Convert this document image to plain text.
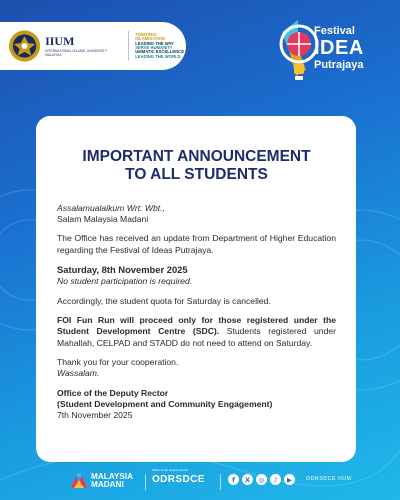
IIUM
INTERNATIONAL ISLAMIC UNIVERSITY MALAYSIA
TOWARDS ISLAMISATION
LEADING THE WAY
SERVE HUMANITY
UMMATIC EXCELLENCE
LEADING THE WORLD
Festival
IDEA
Putrajaya
IMPORTANT ANNOUNCEMENT
TO ALL STUDENTS

Assalamualaikum Wrt. Wbt.,
Salam Malaysia Madani

The Office has received an update from Department of Higher Education regarding the Festival of Ideas Putrajaya.

Saturday, 8th November 2025
No student participation is required.

Accordingly, the student quota for Saturday is cancelled.

FOI Fun Run will proceed only for those registered under the Student Development Centre (SDC). Students registered under Mahallah, CELPAD and STADD do not need to attend on Saturday.

Thank you for your cooperation.
Wassalam.

Office of the Deputy Rector
(Student Development and Community Engagement)
7th November 2025

MALAYSIA
MADANI
Office of the Deputy Rector
ODRSDCE	f	X	◎	♪	▶	ODRSDCE IIUM
